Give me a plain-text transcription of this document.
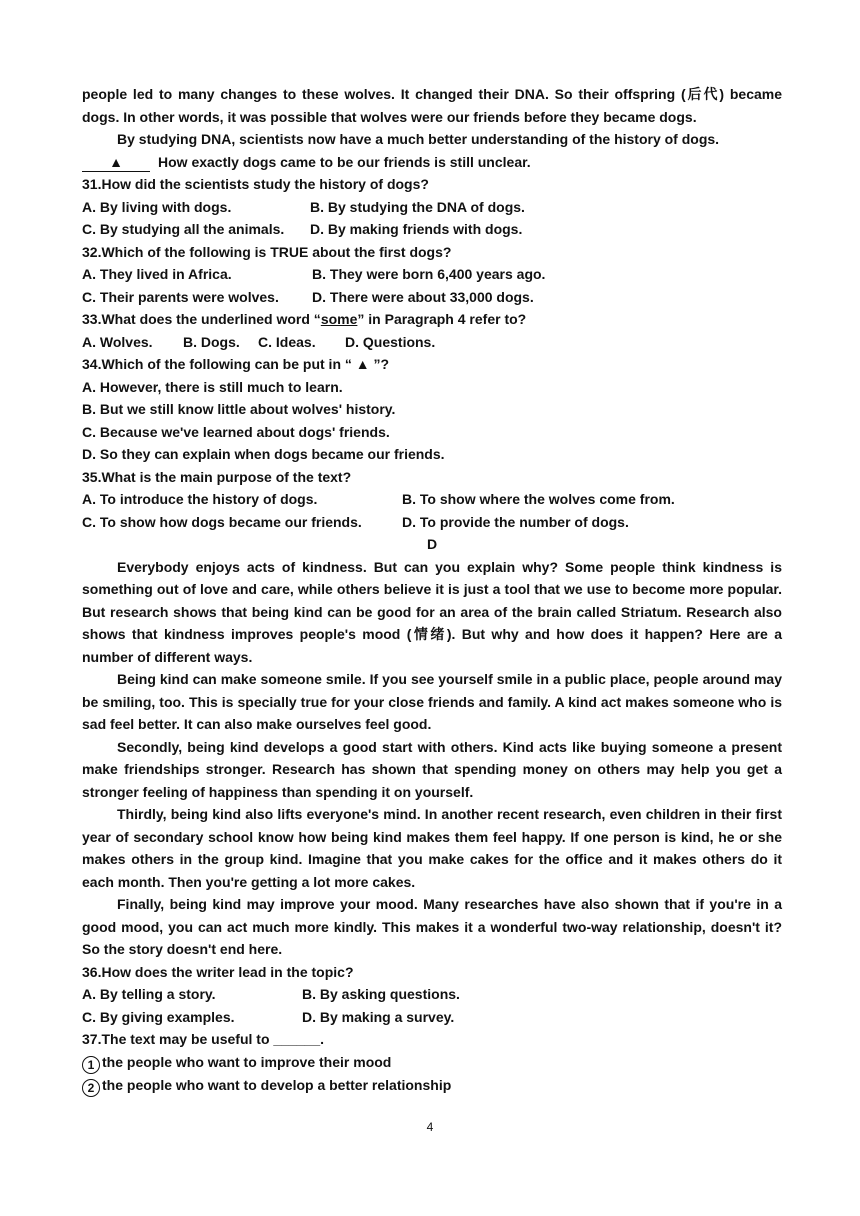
people led to many changes to these wolves. It changed their DNA. So their offspring (后代) became dogs. In other words, it was possible that wolves were our friends before they became dogs.

By studying DNA, scientists now have a much better understanding of the history of dogs.

▲	How exactly dogs came to be our friends is still unclear.

31.How did the scientists study the history of dogs?

A. By living with dogs.	B. By studying the DNA of dogs.
C. By studying all the animals.	D. By making friends with dogs.

32.Which of the following is TRUE about the first dogs?

A. They lived in Africa.	B. They were born 6,400 years ago.
C. Their parents were wolves.	D. There were about 33,000 dogs.

33.What does the underlined word “some” in Paragraph 4 refer to?

A. Wolves.	B. Dogs.	C. Ideas.	D. Questions.

34.Which of the following can be put in “ ▲ ”?

A. However, there is still much to learn.

B. But we still know little about wolves' history.

C. Because we've learned about dogs' friends.

D. So they can explain when dogs became our friends.

35.What is the main purpose of the text?

A. To introduce the history of dogs.	B. To show where the wolves come from.
C. To show how dogs became our friends.	D. To provide the number of dogs.

D

Everybody enjoys acts of kindness. But can you explain why? Some people think kindness is something out of love and care, while others believe it is just a tool that we use to become more popular. But research shows that being kind can be good for an area of the brain called Striatum. Research also shows that kindness improves people's mood (情绪). But why and how does it happen? Here are a number of different ways.

Being kind can make someone smile. If you see yourself smile in a public place, people around may be smiling, too. This is specially true for your close friends and family. A kind act makes someone who is sad feel better. It can also make ourselves feel good.

Secondly, being kind develops a good start with others. Kind acts like buying someone a present make friendships stronger. Research has shown that spending money on others may help you get a stronger feeling of happiness than spending it on yourself.

Thirdly, being kind also lifts everyone's mind. In another recent research, even children in their first year of secondary school know how being kind makes them feel happy. If one person is kind, he or she makes others in the group kind. Imagine that you make cakes for the office and it makes others do it each month. Then you're getting a lot more cakes.

Finally, being kind may improve your mood. Many researches have also shown that if you're in a good mood, you can act much more kindly. This makes it a wonderful two-way relationship, doesn't it? So the story doesn't end here.

36.How does the writer lead in the topic?

A. By telling a story.	B. By asking questions.
C. By giving examples.	D. By making a survey.

37.The text may be useful to ______.

1 the people who want to improve their mood

2 the people who want to develop a better relationship

4
